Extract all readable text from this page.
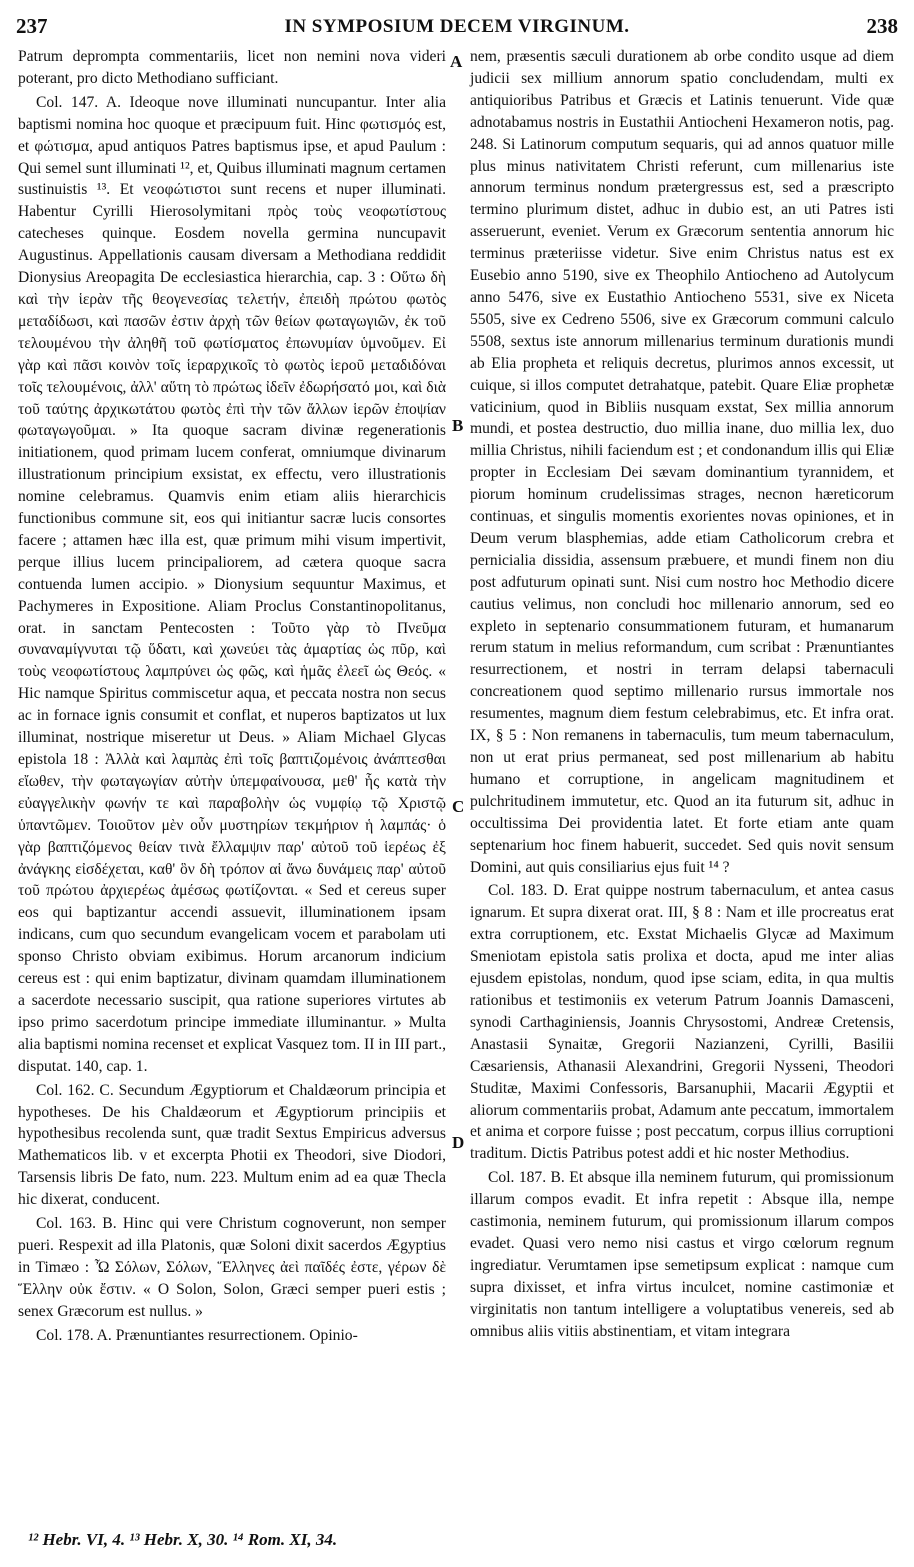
237	IN SYMPOSIUM DECEM VIRGINUM.	238

Patrum deprompta commentariis, licet non nemini nova videri poterant, pro dicto Methodiano sufficiant.

Col. 147. A. Ideoque nove illuminati nuncupantur. Inter alia baptismi nomina hoc quoque et præcipuum fuit. Hinc φωτισμός est, et φώτισμα, apud antiquos Patres baptismus ipse, et apud Paulum : Qui semel sunt illuminati ¹², et, Quibus illuminati magnum certamen sustinuistis ¹³. Et νεοφώτιστοι sunt recens et nuper illuminati. Habentur Cyrilli Hierosolymitani πρὸς τοὺς νεοφωτίστους catecheses quinque. Eosdem novella germina nuncupavit Augustinus. Appellationis causam diversam a Methodiana reddidit Dionysius Areopagita De ecclesiastica hierarchia, cap. 3 : Οὕτω δὴ καὶ τὴν ἱερὰν τῆς θεογενεσίας τελετήν, ἐπειδὴ πρώτου φωτὸς μεταδίδωσι, καὶ πασῶν ἐστιν ἀρχὴ τῶν θείων φωταγωγιῶν, ἐκ τοῦ τελουμένου τὴν ἀληθῆ τοῦ φωτίσματος ἐπωνυμίαν ὑμνοῦμεν. Εἰ γὰρ καὶ πᾶσι κοινὸν τοῖς ἱεραρχικοῖς τὸ φωτὸς ἱεροῦ μεταδιδόναι τοῖς τελουμένοις, ἀλλ' αὕτη τὸ πρώτως ἰδεῖν ἐδωρήσατό μοι, καὶ διὰ τοῦ ταύτης ἀρχικωτάτου φωτὸς ἐπὶ τὴν τῶν ἄλλων ἱερῶν ἐποψίαν φωταγωγοῦμαι. » Ita quoque sacram divinæ regenerationis initiationem, quod primam lucem conferat, omniumque divinarum illustrationum principium exsistat, ex effectu, vero illustrationis nomine celebramus. Quamvis enim etiam aliis hierarchicis functionibus commune sit, eos qui initiantur sacræ lucis consortes facere ; attamen hæc illa est, quæ primum mihi visum impertivit, perque illius lucem principaliorem, ad cætera quoque sacra contuenda lumen accipio. » Dionysium sequuntur Maximus, et Pachymeres in Expositione. Aliam Proclus Constantinopolitanus, orat. in sanctam Pentecosten : Τοῦτο γὰρ τὸ Πνεῦμα συναναμίγνυται τῷ ὕδατι, καὶ χωνεύει τὰς ἁμαρτίας ὡς πῦρ, καὶ τοὺς νεοφωτίστους λαμπρύνει ὡς φῶς, καὶ ἡμᾶς ἐλεεῖ ὡς Θεός. « Hic namque Spiritus commiscetur aqua, et peccata nostra non secus ac in fornace ignis consumit et conflat, et nuperos baptizatos ut lux illuminat, nostrique miseretur ut Deus. » Aliam Michael Glycas epistola 18 : Ἀλλὰ καὶ λαμπὰς ἐπὶ τοῖς βαπτιζομένοις ἀνάπτεσθαι εἴωθεν, τὴν φωταγωγίαν αὐτὴν ὑπεμφαίνουσα, μεθ' ἧς κατὰ τὴν εὐαγγελικὴν φωνήν τε καὶ παραβολὴν ὡς νυμφίῳ τῷ Χριστῷ ὑπαντῶμεν. Τοιοῦτον μὲν οὖν μυστηρίων τεκμήριον ἡ λαμπάς· ὁ γὰρ βαπτιζόμενος θείαν τινὰ ἔλλαμψιν παρ' αὐτοῦ τοῦ ἱερέως ἐξ ἀνάγκης εἰσδέχεται, καθ' ὃν δὴ τρόπον αἱ ἄνω δυνάμεις παρ' αὐτοῦ τοῦ πρώτου ἀρχιερέως ἀμέσως φωτίζονται. « Sed et cereus super eos qui baptizantur accendi assuevit, illuminationem ipsam indicans, cum quo secundum evangelicam vocem et parabolam uti sponso Christo obviam exibimus. Horum arcanorum indicium cereus est : qui enim baptizatur, divinam quamdam illuminationem a sacerdote necessario suscipit, qua ratione superiores virtutes ab ipso primo sacerdotum principe immediate illuminantur. » Multa alia baptismi nomina recenset et explicat Vasquez tom. II in III part., disputat. 140, cap. 1.

Col. 162. C. Secundum Ægyptiorum et Chaldæorum principia et hypotheses. De his Chaldæorum et Ægyptiorum principiis et hypothesibus recolenda sunt, quæ tradit Sextus Empiricus adversus Mathematicos lib. v et excerpta Photii ex Theodori, sive Diodori, Tarsensis libris De fato, num. 223. Multum enim ad ea quæ Thecla hic dixerat, conducent.

Col. 163. B. Hinc qui vere Christum cognoverunt, non semper pueri. Respexit ad illa Platonis, quæ Soloni dixit sacerdos Ægyptius in Timæo : Ὦ Σόλων, Σόλων, Ἕλληνες ἀεὶ παῖδές ἐστε, γέρων δὲ Ἕλλην οὐκ ἔστιν. « O Solon, Solon, Græci semper pueri estis ; senex Græcorum est nullus. »

Col. 178. A. Prænuntiantes resurrectionem. Opinio-

A
B
C
D

nem, præsentis sæculi durationem ab orbe condito usque ad diem judicii sex millium annorum spatio concludendam, multi ex antiquioribus Patribus et Græcis et Latinis tenuerunt. Vide quæ adnotabamus nostris in Eustathii Antiocheni Hexameron notis, pag. 248. Si Latinorum computum sequaris, qui ad annos quatuor mille plus minus nativitatem Christi referunt, cum millenarius iste annorum terminus nondum prætergressus est, sed a præscripto termino plurimum distet, adhuc in dubio est, an uti Patres isti asseruerunt, eveniet. Verum ex Græcorum sententia annorum hic terminus præteriisse videtur. Sive enim Christus natus est ex Eusebio anno 5190, sive ex Theophilo Antiocheno ad Autolycum anno 5476, sive ex Eustathio Antiocheno 5531, sive ex Niceta 5505, sive ex Cedreno 5506, sive ex Græcorum communi calculo 5508, sextus iste annorum millenarius terminum durationis mundi ab Elia propheta et reliquis decretus, plurimos annos excessit, ut cuique, si illos computet detrahatque, patebit. Quare Eliæ prophetæ vaticinium, quod in Bibliis nusquam exstat, Sex millia annorum mundi, et postea destructio, duo millia inane, duo millia lex, duo millia Christus, nihili faciendum est ; et condonandum illis qui Eliæ propter in Ecclesiam Dei sævam dominantium tyrannidem, et piorum hominum crudelissimas strages, necnon hæreticorum continuas, et singulis momentis exorientes novas opiniones, et in Deum verum blasphemias, adde etiam Catholicorum crebra et pernicialia dissidia, assensum præbuere, et mundi finem non diu post adfuturum opinati sunt. Nisi cum nostro hoc Methodio dicere cautius velimus, non concludi hoc millenario annorum, sed eo expleto in septenario consummationem futuram, et humanarum rerum statum in melius reformandum, cum scribat : Prænuntiantes resurrectionem, et nostri in terram delapsi tabernaculi concreationem quod septimo millenario rursus immortale nos resumentes, magnum diem festum celebrabimus, etc. Et infra orat. IX, § 5 : Non remanens in tabernaculis, tum meum tabernaculum, non ut erat prius permaneat, sed post millenarium ab habitu humano et corruptione, in angelicam magnitudinem et pulchritudinem immutetur, etc. Quod an ita futurum sit, adhuc in occultissima Dei providentia latet. Et forte etiam ante quam septenarium hoc finem habuerit, succedet. Sed quis novit sensum Domini, aut quis consiliarius ejus fuit ¹⁴ ?

Col. 183. D. Erat quippe nostrum tabernaculum, et antea casus ignarum. Et supra dixerat orat. III, § 8 : Nam et ille procreatus erat extra corruptionem, etc. Exstat Michaelis Glycæ ad Maximum Smeniotam epistola satis prolixa et docta, apud me inter alias ejusdem epistolas, nondum, quod ipse sciam, edita, in qua multis rationibus et testimoniis ex veterum Patrum Joannis Damasceni, synodi Carthaginiensis, Joannis Chrysostomi, Andreæ Cretensis, Anastasii Synaitæ, Gregorii Nazianzeni, Cyrilli, Basilii Cæsariensis, Athanasii Alexandrini, Gregorii Nysseni, Theodori Studitæ, Maximi Confessoris, Barsanuphii, Macarii Ægyptii et aliorum commentariis probat, Adamum ante peccatum, immortalem et anima et corpore fuisse ; post peccatum, corpus illius corruptioni traditum. Dictis Patribus potest addi et hic noster Methodius.

Col. 187. B. Et absque illa neminem futurum, qui promissionum illarum compos evadit. Et infra repetit : Absque illa, nempe castimonia, neminem futurum, qui promissionum illarum compos evadet. Quasi vero nemo nisi castus et virgo cœlorum regnum ingrediatur. Verumtamen ipse semetipsum explicat : namque cum supra dixisset, et infra virtus inculcet, nomine castimoniæ et virginitatis non tantum intelligere a voluptatibus venereis, sed ab omnibus aliis vitiis abstinentiam, et vitam integrara

¹² Hebr. VI, 4. ¹³ Hebr. X, 30. ¹⁴ Rom. XI, 34.
